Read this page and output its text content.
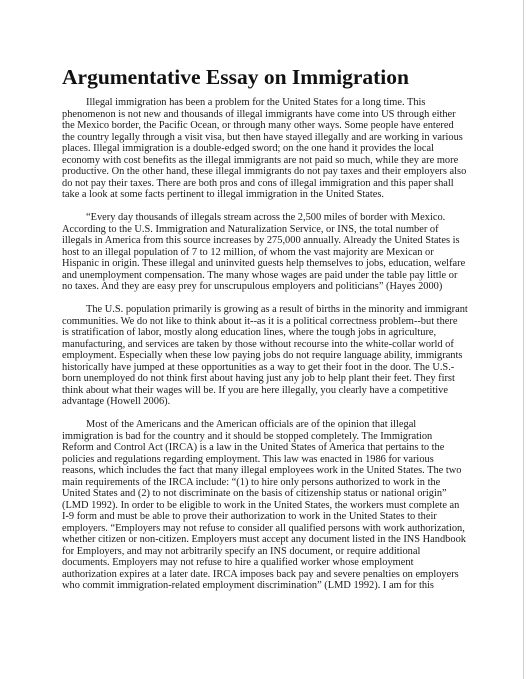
Argumentative Essay on Immigration

Illegal immigration has been a problem for the United States for a long time. This
phenomenon is not new and thousands of illegal immigrants have come into US through either
the Mexico border, the Pacific Ocean, or through many other ways. Some people have entered
the country legally through a visit visa, but then have stayed illegally and are working in various
places. Illegal immigration is a double-edged sword; on the one hand it provides the local
economy with cost benefits as the illegal immigrants are not paid so much, while they are more
productive. On the other hand, these illegal immigrants do not pay taxes and their employers also
do not pay their taxes. There are both pros and cons of illegal immigration and this paper shall
take a look at some facts pertinent to illegal immigration in the United States.

“Every day thousands of illegals stream across the 2,500 miles of border with Mexico.
According to the U.S. Immigration and Naturalization Service, or INS, the total number of
illegals in America from this source increases by 275,000 annually. Already the United States is
host to an illegal population of 7 to 12 million, of whom the vast majority are Mexican or
Hispanic in origin. These illegal and uninvited guests help themselves to jobs, education, welfare
and unemployment compensation. The many whose wages are paid under the table pay little or
no taxes. And they are easy prey for unscrupulous employers and politicians” (Hayes 2000)

The U.S. population primarily is growing as a result of births in the minority and immigrant
communities. We do not like to think about it--as it is a political correctness problem--but there
is stratification of labor, mostly along education lines, where the tough jobs in agriculture,
manufacturing, and services are taken by those without recourse into the white-collar world of
employment. Especially when these low paying jobs do not require language ability, immigrants
historically have jumped at these opportunities as a way to get their foot in the door. The U.S.-
born unemployed do not think first about having just any job to help plant their feet. They first
think about what their wages will be. If you are here illegally, you clearly have a competitive
advantage (Howell 2006).

Most of the Americans and the American officials are of the opinion that illegal
immigration is bad for the country and it should be stopped completely. The Immigration
Reform and Control Act (IRCA) is a law in the United States of America that pertains to the
policies and regulations regarding employment. This law was enacted in 1986 for various
reasons, which includes the fact that many illegal employees work in the United States. The two
main requirements of the IRCA include: “(1) to hire only persons authorized to work in the
United States and (2) to not discriminate on the basis of citizenship status or national origin”
(LMD 1992). In order to be eligible to work in the United States, the workers must complete an
I-9 form and must be able to prove their authorization to work in the United States to their
employers. “Employers may not refuse to consider all qualified persons with work authorization,
whether citizen or non-citizen. Employers must accept any document listed in the INS Handbook
for Employers, and may not arbitrarily specify an INS document, or require additional
documents. Employers may not refuse to hire a qualified worker whose employment
authorization expires at a later date. IRCA imposes back pay and severe penalties on employers
who commit immigration-related employment discrimination” (LMD 1992). I am for this
